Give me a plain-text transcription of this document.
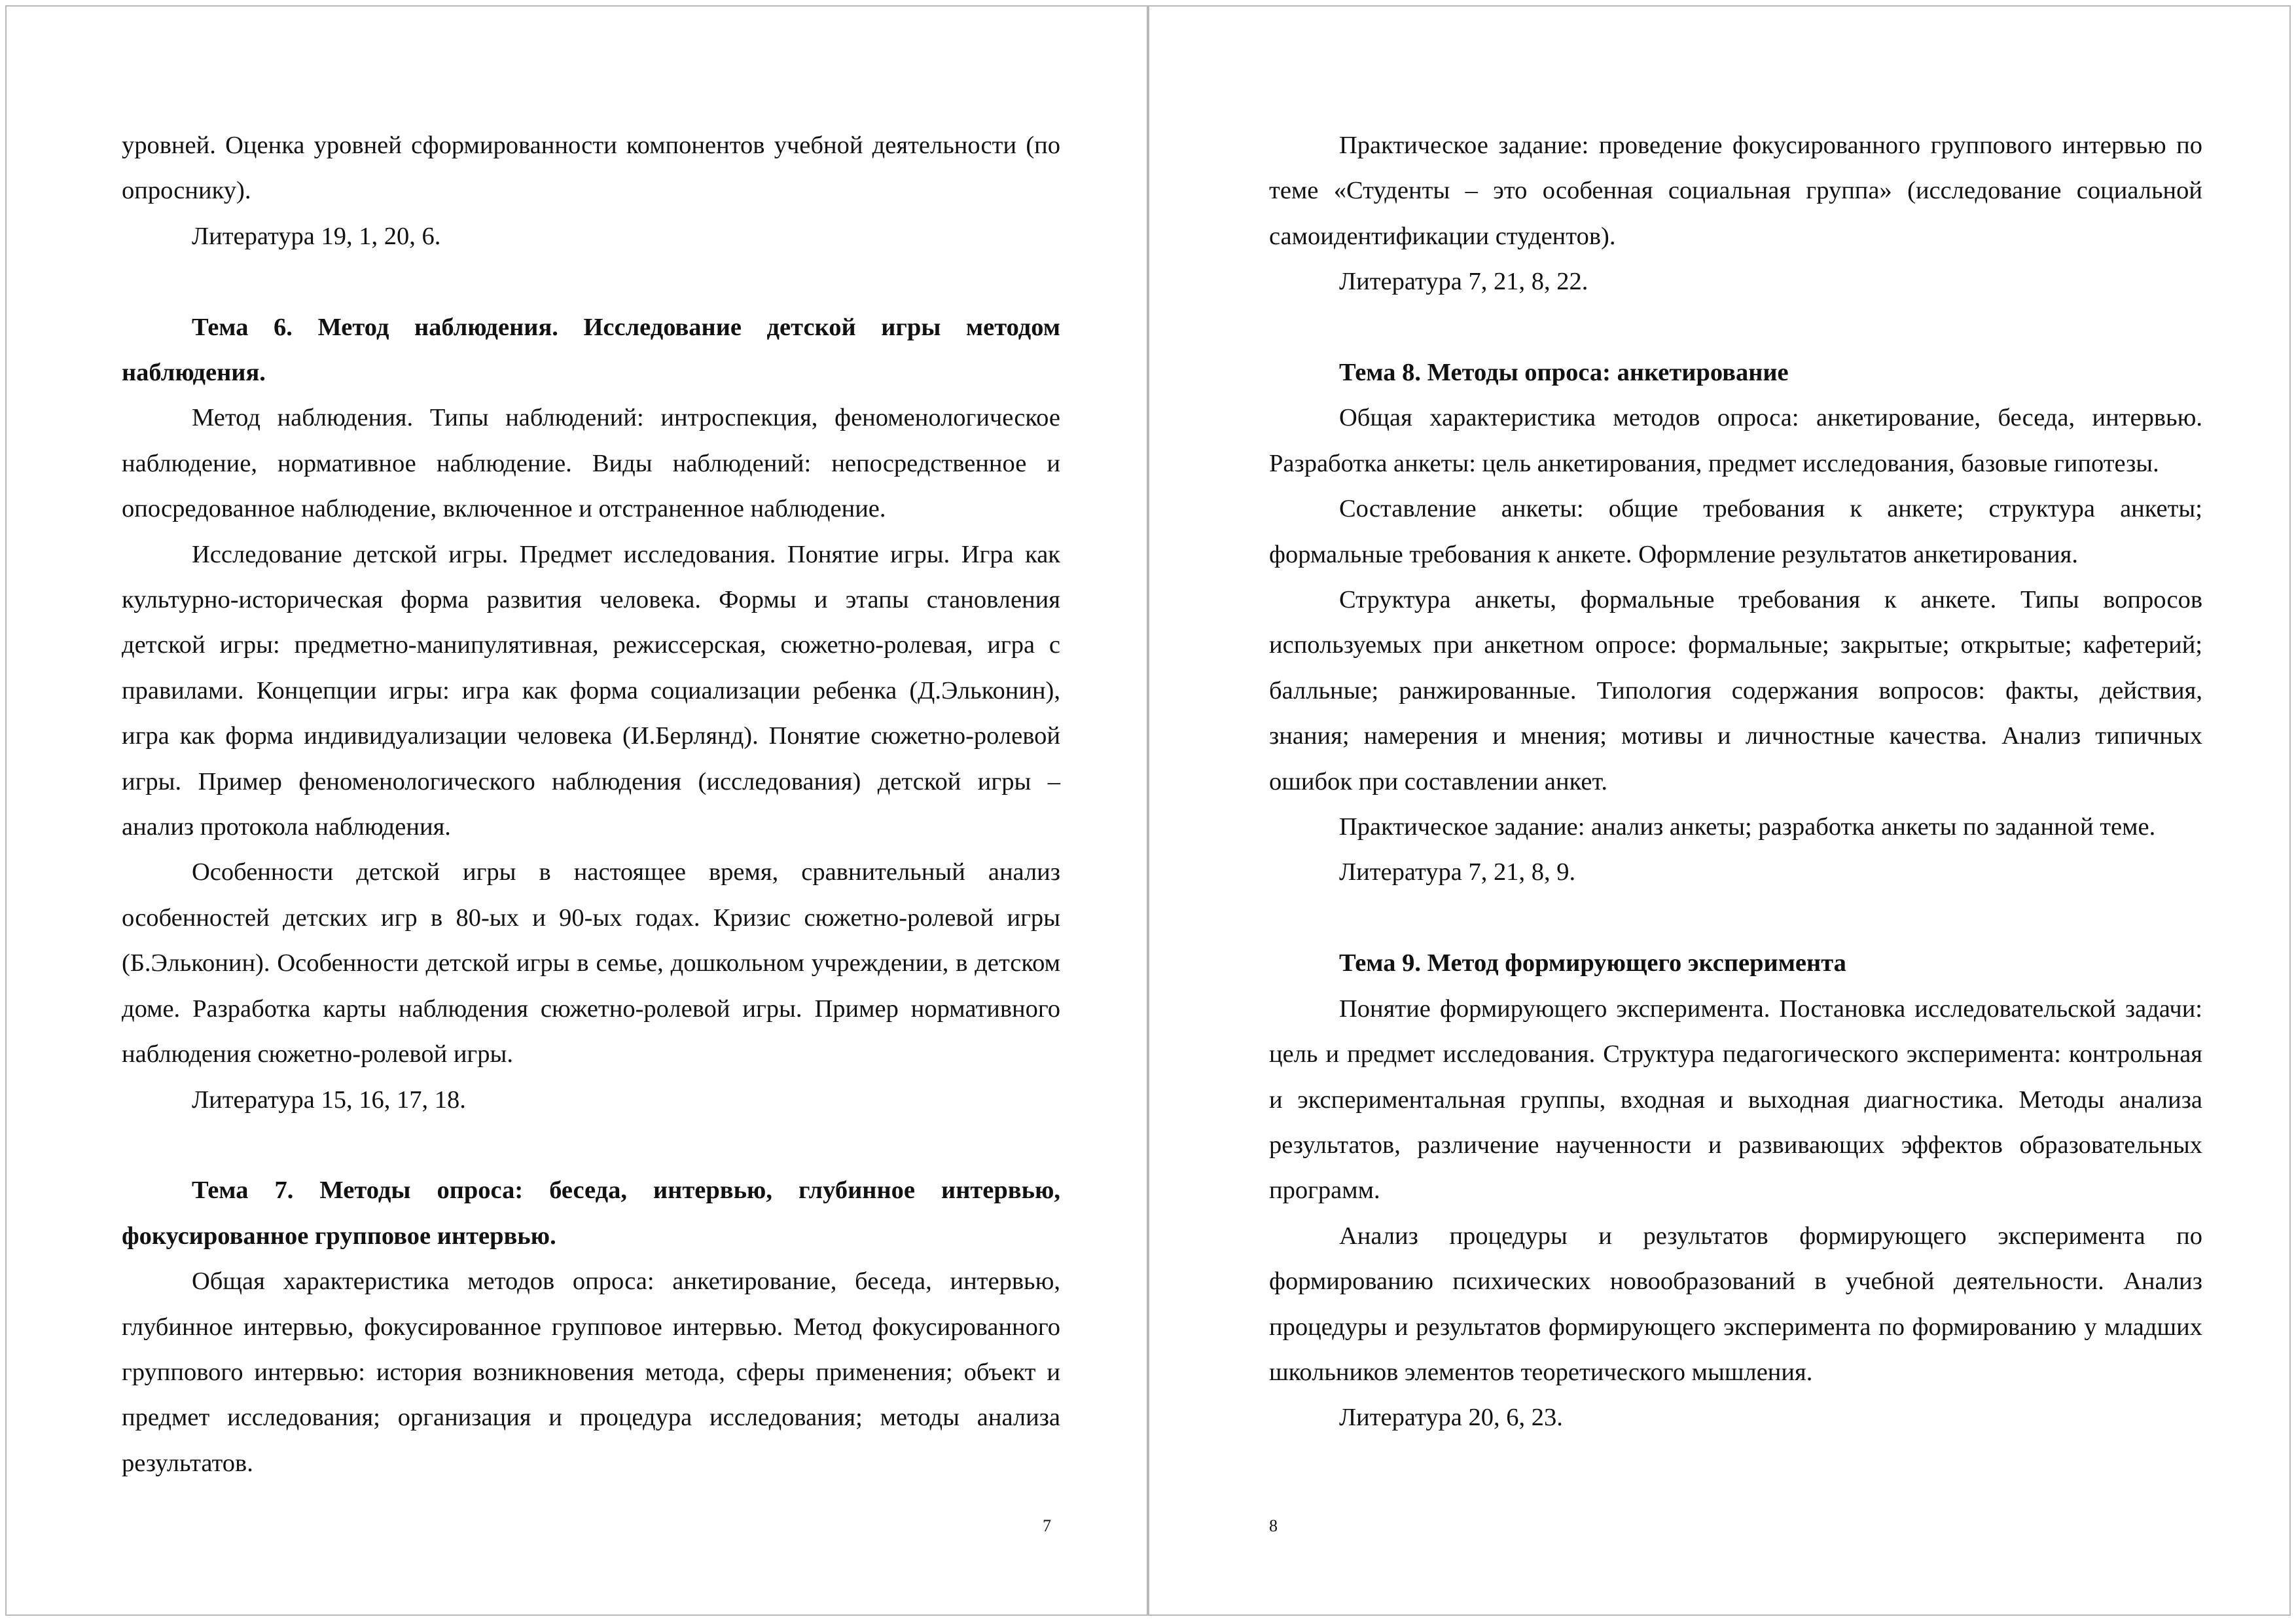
уровней. Оценка уровней сформированности компонентов учебной деятельности (по опроснику).

Литература 19, 1, 20, 6.

Тема 6. Метод наблюдения. Исследование детской игры методом наблюдения.

Метод наблюдения. Типы наблюдений: интроспекция, феноменологическое наблюдение, нормативное наблюдение. Виды наблюдений: непосредственное и опосредованное наблюдение, включенное и отстраненное наблюдение.

Исследование детской игры. Предмет исследования. Понятие игры. Игра как культурно-историческая форма развития человека. Формы и этапы становления детской игры: предметно-манипулятивная, режиссерская, сюжетно-ролевая, игра с правилами. Концепции игры: игра как форма социализации ребенка (Д.Эльконин), игра как форма индивидуализации человека (И.Берлянд). Понятие сюжетно-ролевой игры. Пример феноменологического наблюдения (исследования) детской игры – анализ протокола наблюдения.

Особенности детской игры в настоящее время, сравнительный анализ особенностей детских игр в 80-ых и 90-ых годах. Кризис сюжетно-ролевой игры (Б.Эльконин). Особенности детской игры в семье, дошкольном учреждении, в детском доме. Разработка карты наблюдения сюжетно-ролевой игры. Пример нормативного наблюдения сюжетно-ролевой игры.

Литература 15, 16, 17, 18.

Тема 7. Методы опроса: беседа, интервью, глубинное интервью, фокусированное групповое интервью.

Общая характеристика методов опроса: анкетирование, беседа, интервью, глубинное интервью, фокусированное групповое интервью. Метод фокусированного группового интервью: история возникновения метода, сферы применения; объект и предмет исследования; организация и процедура исследования; методы анализа результатов.

7

Практическое задание: проведение фокусированного группового интервью по теме «Студенты – это особенная социальная группа» (исследование социальной самоидентификации студентов).

Литература 7, 21, 8, 22.

Тема 8. Методы опроса: анкетирование

Общая характеристика методов опроса: анкетирование, беседа, интервью. Разработка анкеты: цель анкетирования, предмет исследования, базовые гипотезы.

Составление анкеты: общие требования к анкете; структура анкеты; формальные требования к анкете. Оформление результатов анкетирования.

Структура анкеты, формальные требования к анкете. Типы вопросов используемых при анкетном опросе: формальные; закрытые; открытые; кафетерий; балльные; ранжированные. Типология содержания вопросов: факты, действия, знания; намерения и мнения; мотивы и личностные качества. Анализ типичных ошибок при составлении анкет.

Практическое задание: анализ анкеты; разработка анкеты по заданной теме.

Литература 7, 21, 8, 9.

Тема 9. Метод формирующего эксперимента

Понятие формирующего эксперимента. Постановка исследовательской задачи: цель и предмет исследования. Структура педагогического эксперимента: контрольная и экспериментальная группы, входная и выходная диагностика. Методы анализа результатов, различение наученности и развивающих эффектов образовательных программ.

Анализ процедуры и результатов формирующего эксперимента по формированию психических новообразований в учебной деятельности. Анализ процедуры и результатов формирующего эксперимента по формированию у младших школьников элементов теоретического мышления.

Литература 20, 6, 23.

8
